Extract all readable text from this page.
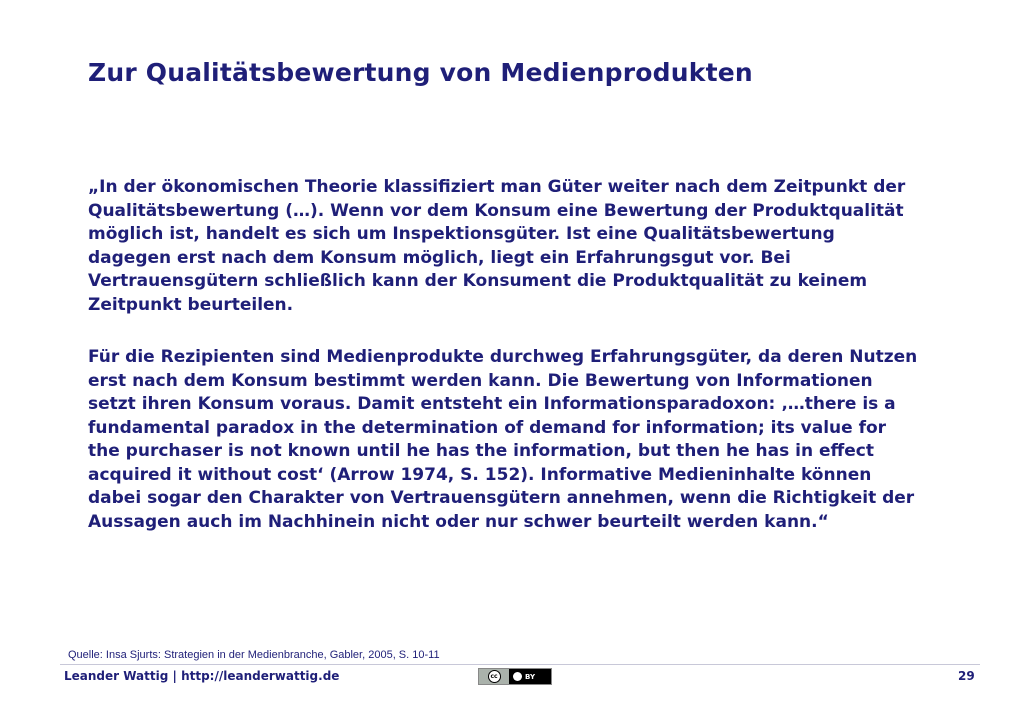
Zur Qualitätsbewertung von Medienprodukten
„In der ökonomischen Theorie klassifiziert man Güter weiter nach dem Zeitpunkt der
Qualitätsbewertung (…). Wenn vor dem Konsum eine Bewertung der Produktqualität
möglich ist, handelt es sich um Inspektionsgüter. Ist eine Qualitätsbewertung
dagegen erst nach dem Konsum möglich, liegt ein Erfahrungsgut vor. Bei
Vertrauensgütern schließlich kann der Konsument die Produktqualität zu keinem
Zeitpunkt beurteilen.
Für die Rezipienten sind Medienprodukte durchweg Erfahrungsgüter, da deren Nutzen
erst nach dem Konsum bestimmt werden kann. Die Bewertung von Informationen
setzt ihren Konsum voraus. Damit entsteht ein Informationsparadoxon: ‚…there is a
fundamental paradox in the determination of demand for information; its value for
the purchaser is not known until he has the information, but then he has in effect
acquired it without cost‘ (Arrow 1974, S. 152). Informative Medieninhalte können
dabei sogar den Charakter von Vertrauensgütern annehmen, wenn die Richtigkeit der
Aussagen auch im Nachhinein nicht oder nur schwer beurteilt werden kann.“
Quelle: Insa Sjurts: Strategien in der Medienbranche, Gabler, 2005, S. 10-11
Leander Wattig | http://leanderwattig.de	cc	BY	29
